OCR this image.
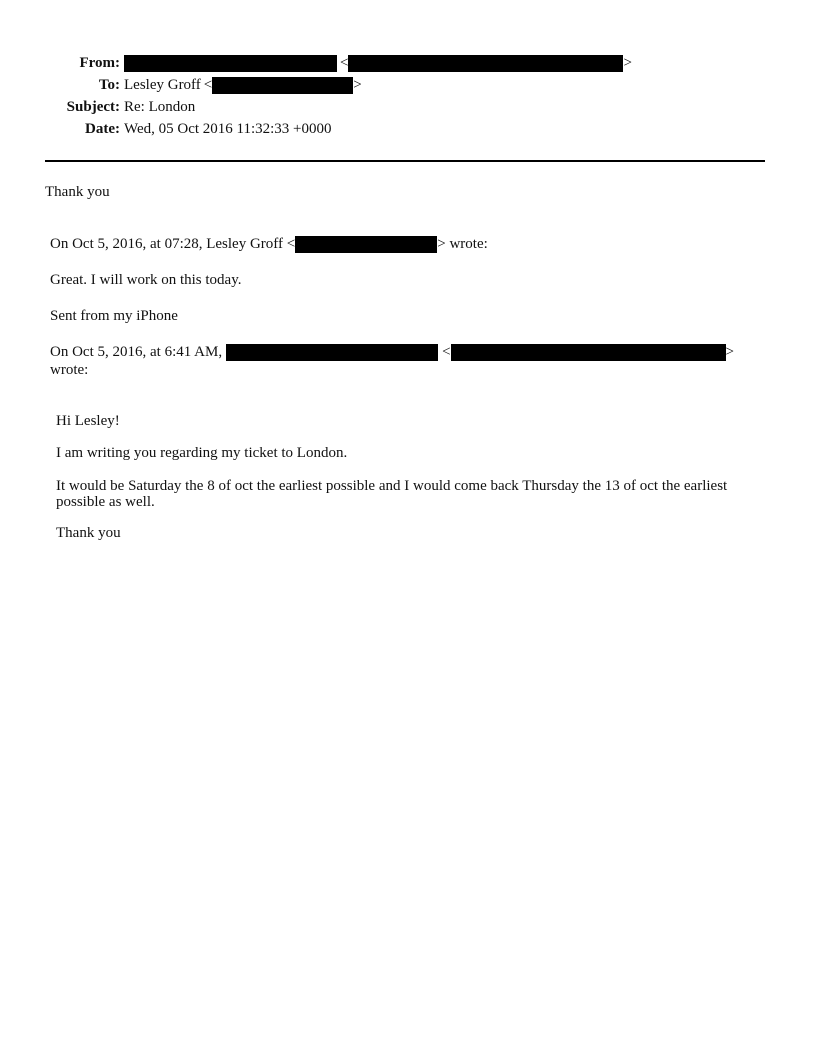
From:	<	>
To: Lesley Groff <	>
Subject: Re: London
Date: Wed, 05 Oct 2016 11:32:33 +0000
Thank you
On Oct 5, 2016, at 07:28, Lesley Groff <	> wrote:
Great. I will work on this today.
Sent from my iPhone
On Oct 5, 2016, at 6:41 AM,	<	>
wrote:
Hi Lesley!
I am writing you regarding my ticket to London.
It would be Saturday the 8 of oct the earliest possible and I would come back Thursday the 13 of oct the earliest possible as well.
Thank you
